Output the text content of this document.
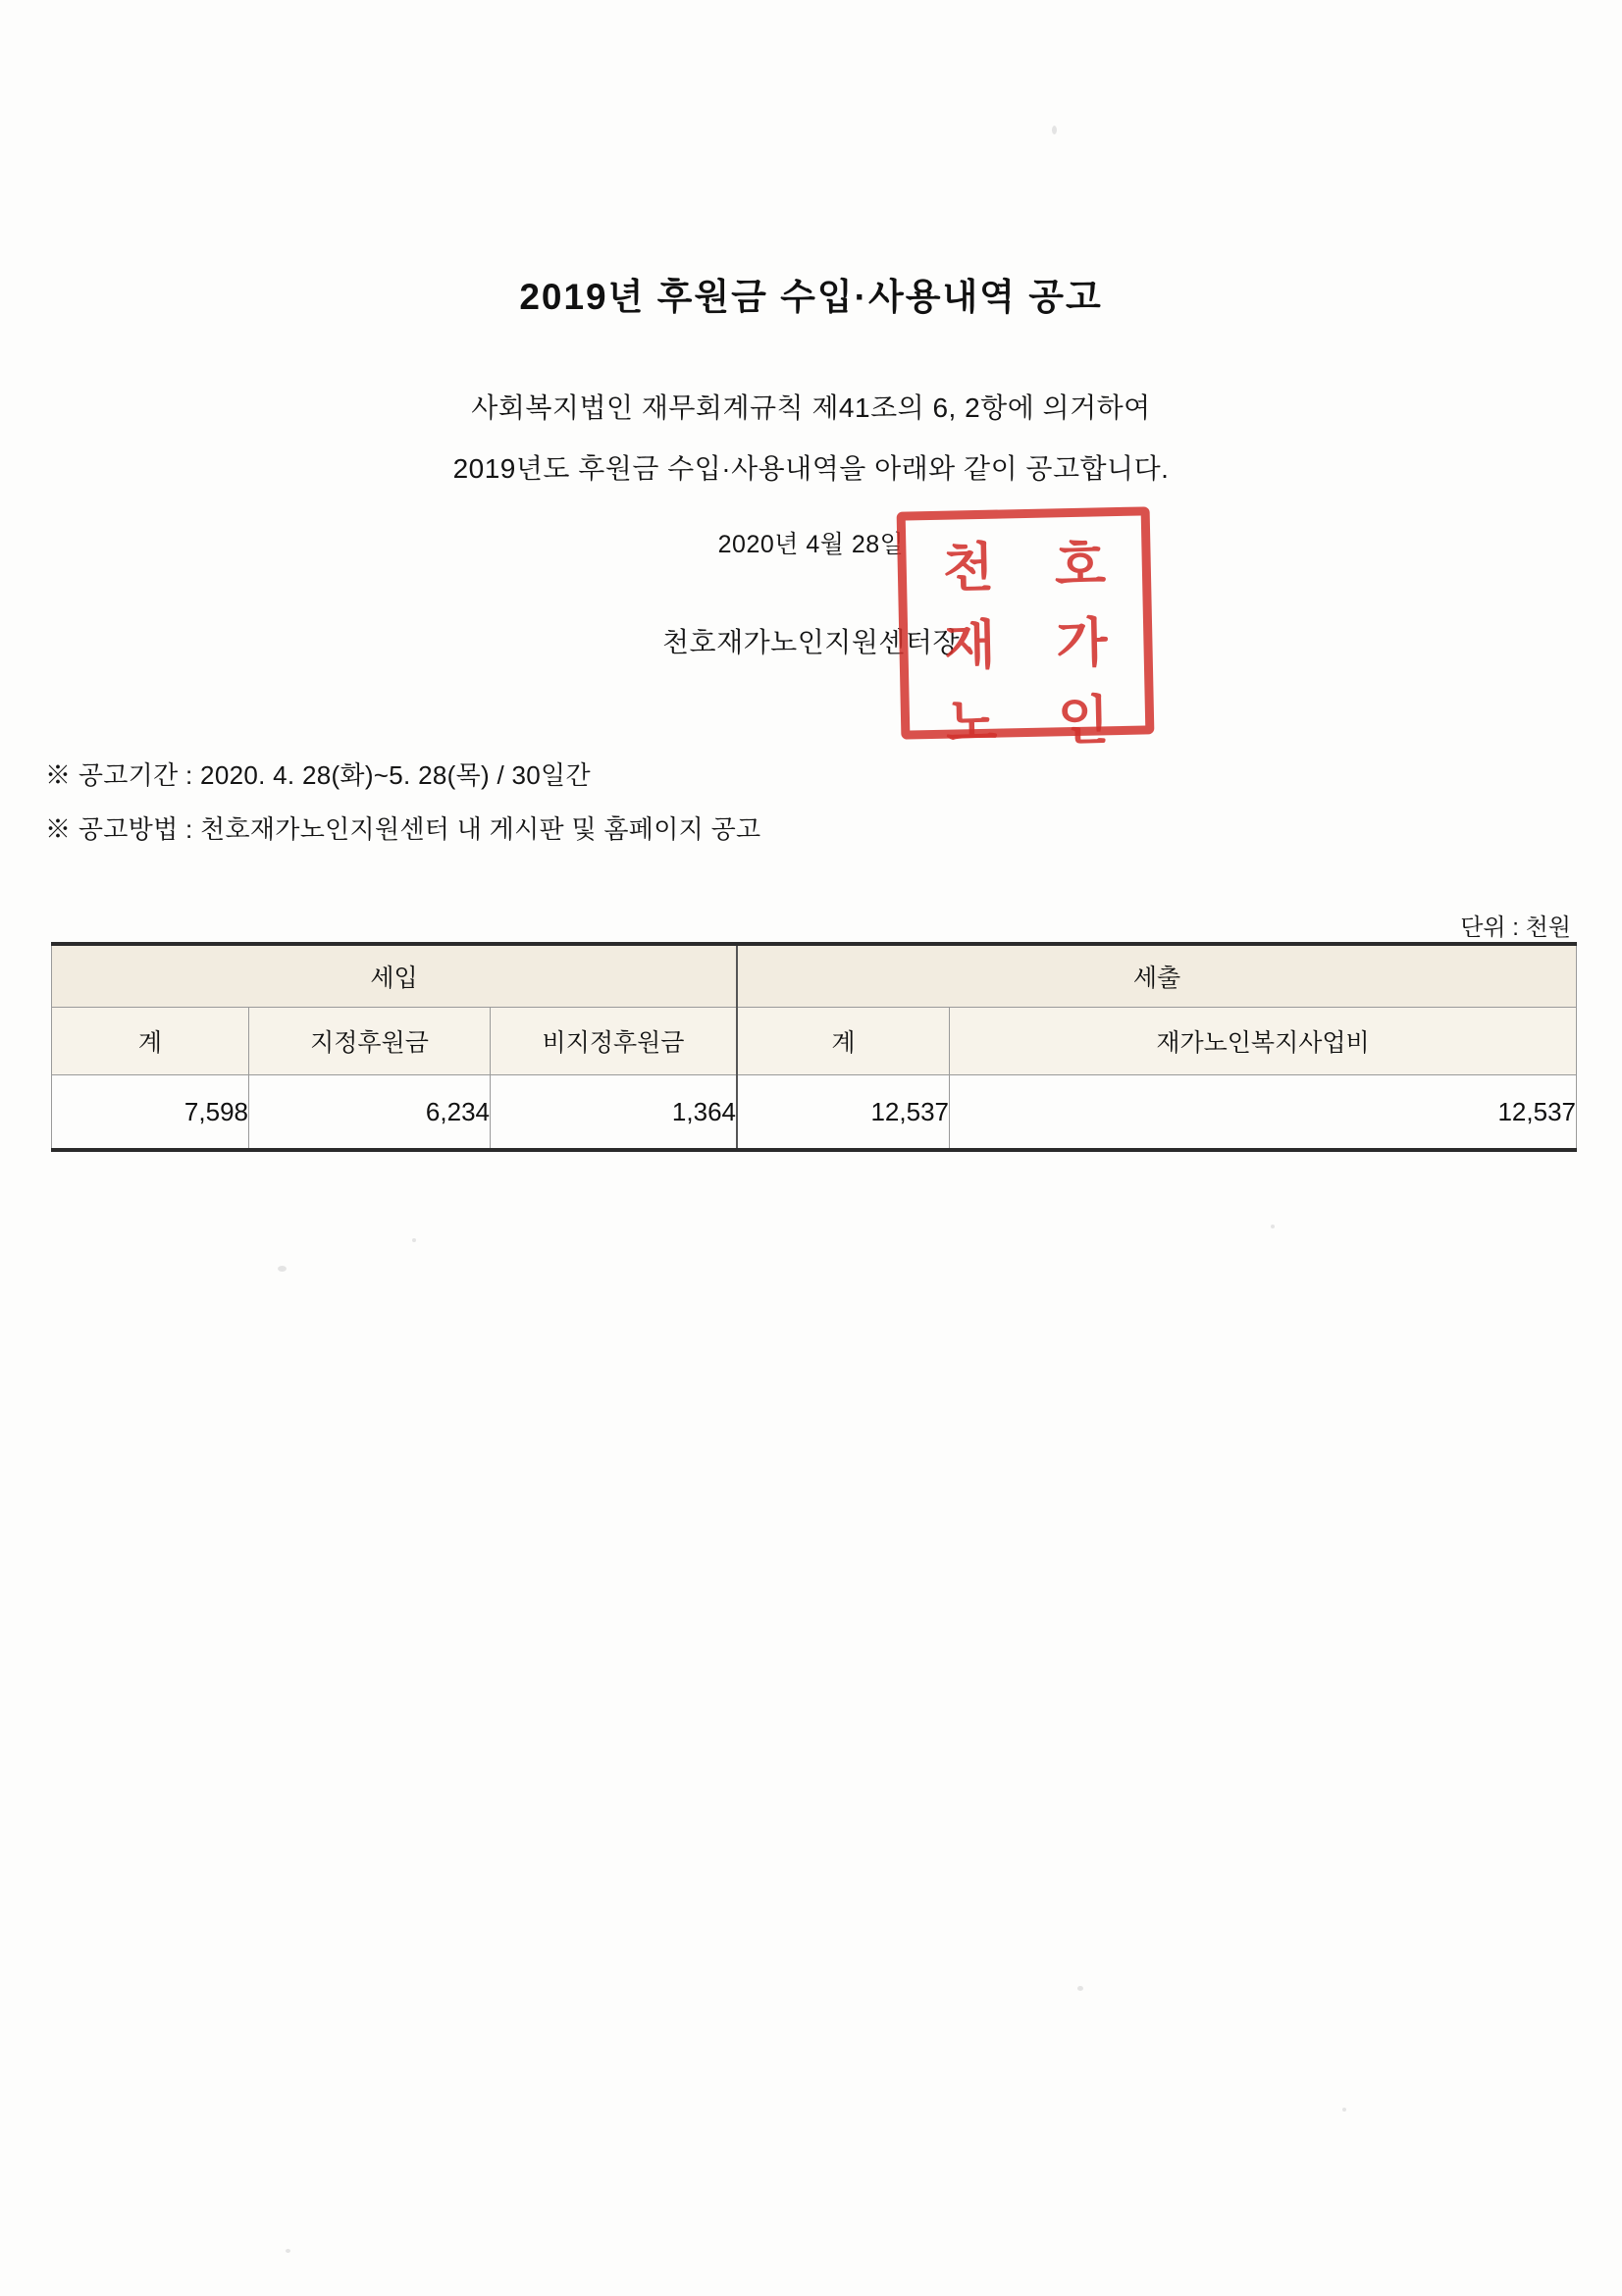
2019년 후원금 수입·사용내역 공고
사회복지법인 재무회계규칙 제41조의 6, 2항에 의거하여
2019년도 후원금 수입·사용내역을 아래와 같이 공고합니다.
2020년 4월 28일
천호재가노인지원센터장
천	호
재	가
노	인
※ 공고기간 : 2020. 4. 28(화)~5. 28(목) / 30일간
※ 공고방법 : 천호재가노인지원센터 내 게시판 및 홈페이지 공고
단위 : 천원
세입			세출	
계	지정후원금	비지정후원금	계	재가노인복지사업비
7,598	6,234	1,364	12,537	12,537
